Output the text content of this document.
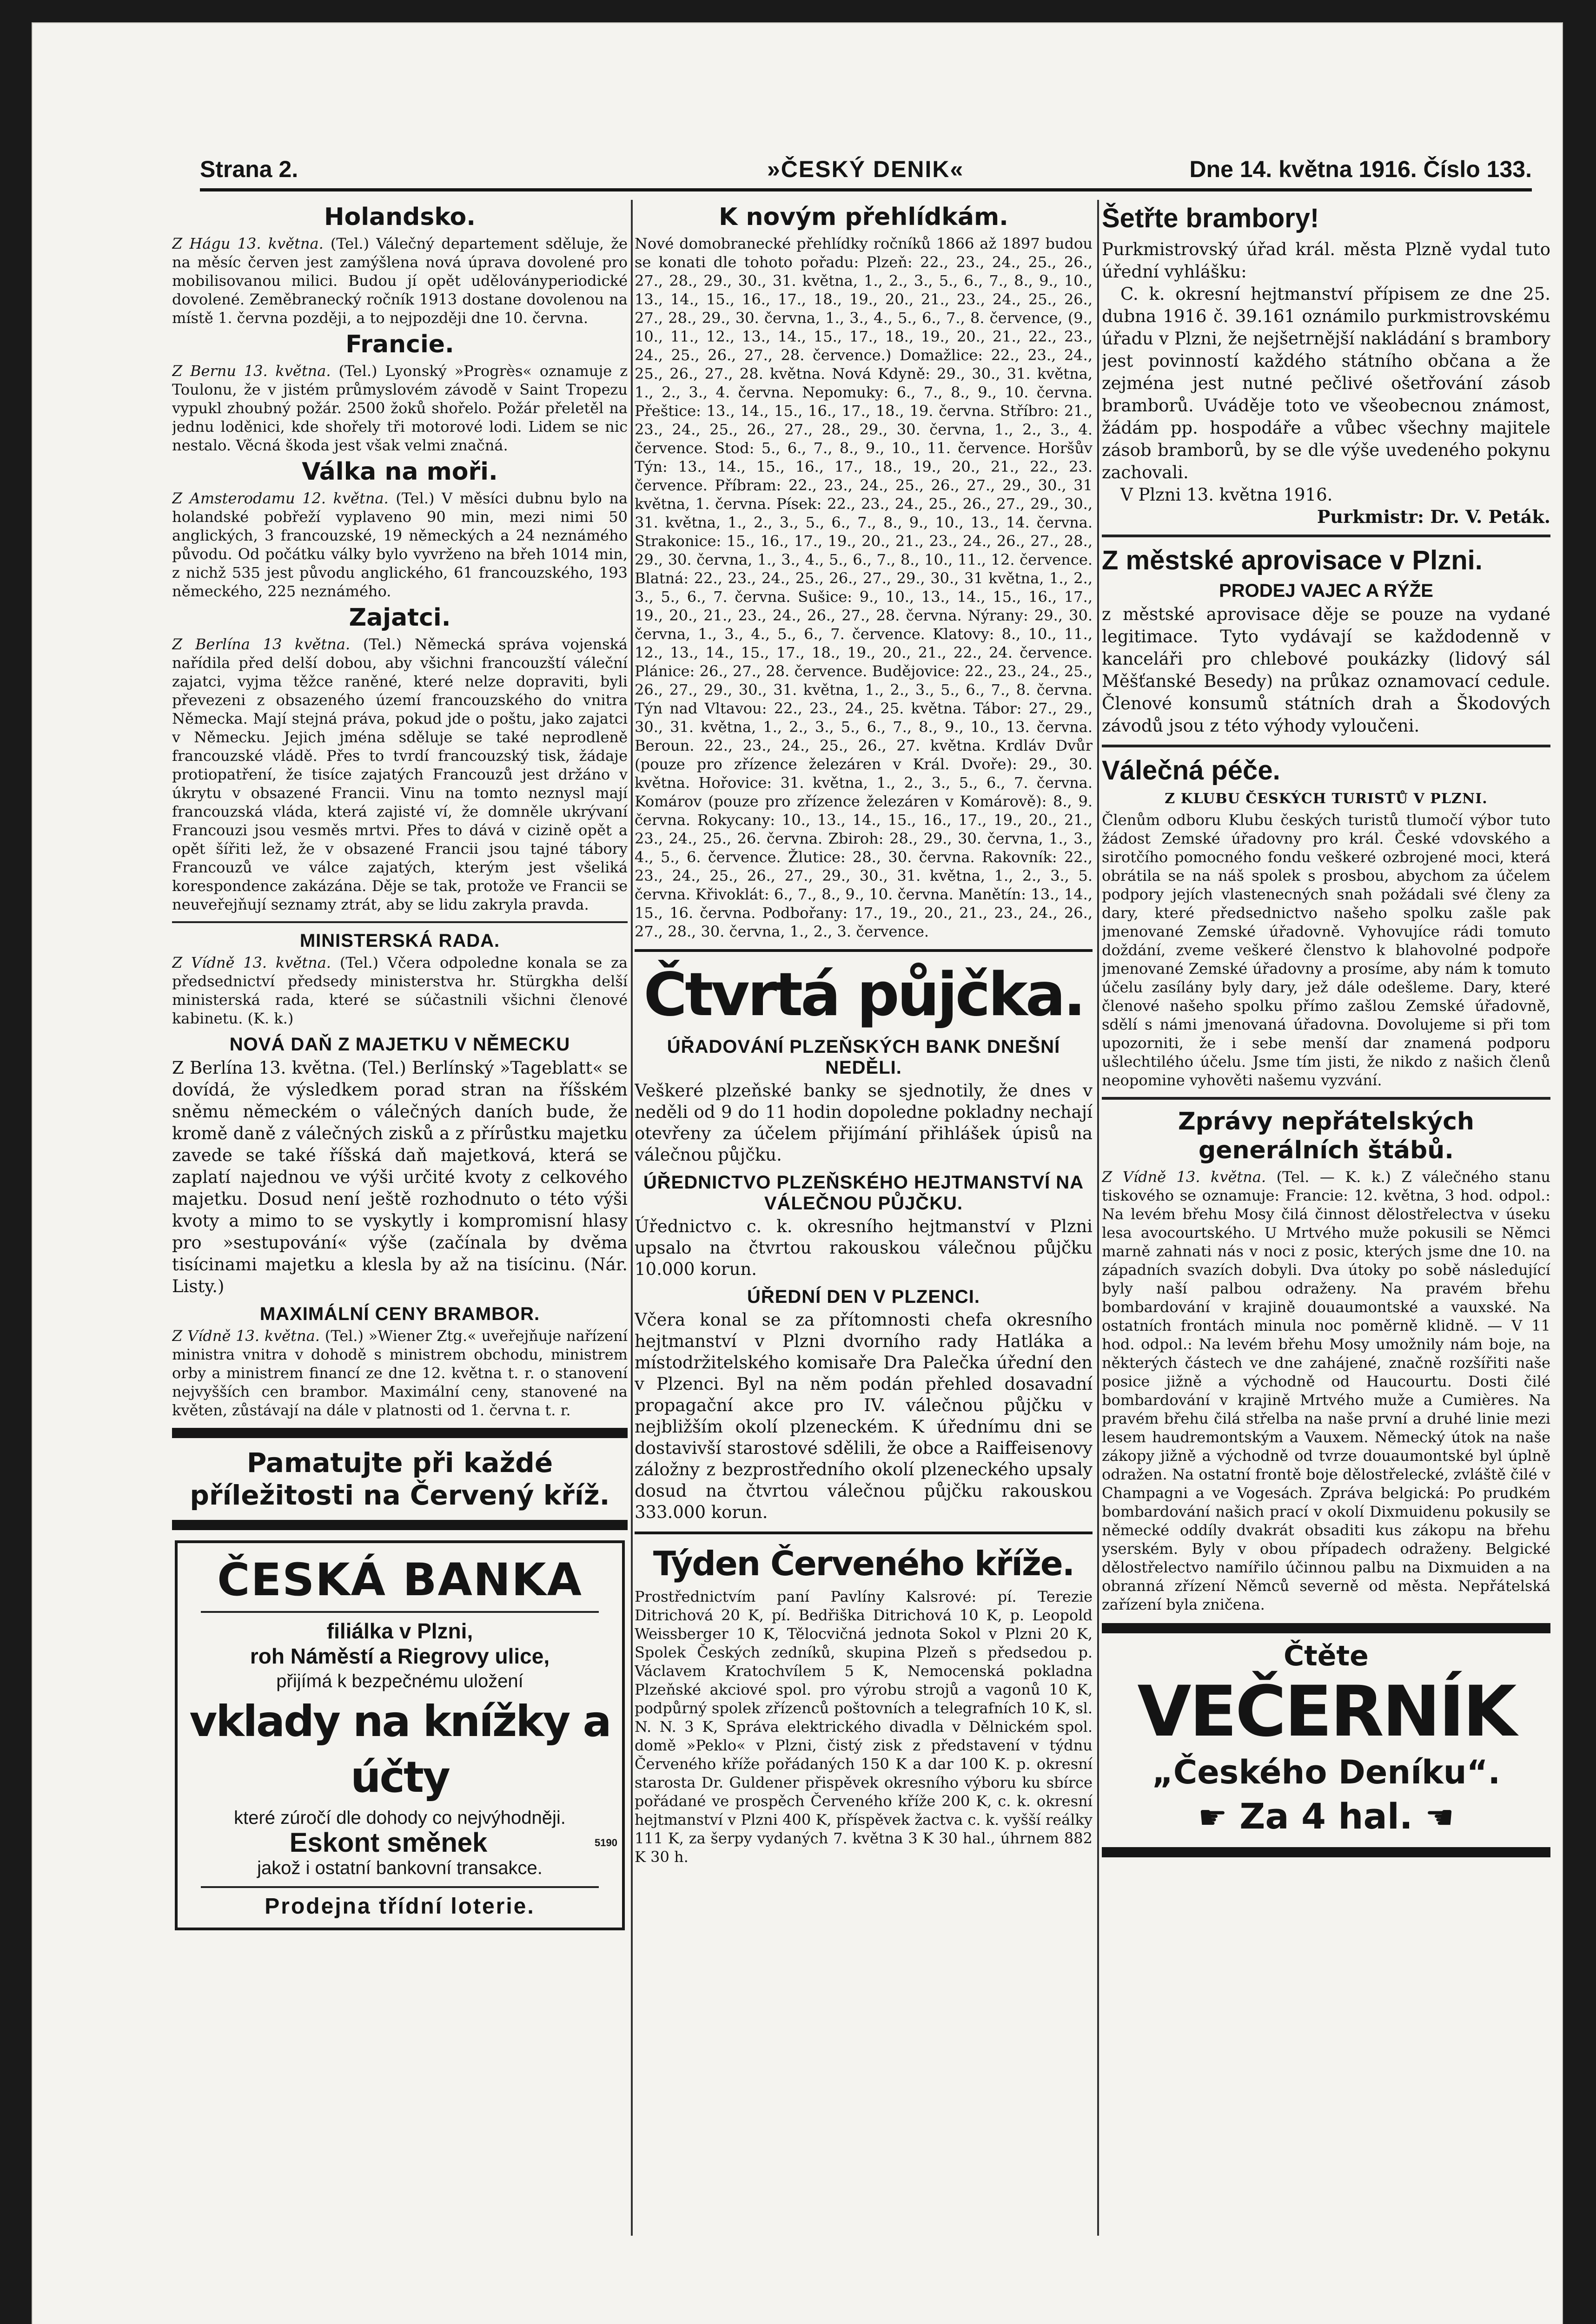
Strana 2.	»ČESKÝ DENIK«	Dne 14. května 1916. Číslo 133.
Holandsko.

Z Hágu 13. května. (Tel.) Válečný departement sděluje, že na měsíc červen jest zamýšlena nová úprava dovolené pro mobilisovanou milici. Budou jí opět uděloványperiodické dovolené. Zeměbranecký ročník 1913 dostane dovolenou na místě 1. června později, a to nejpozději dne 10. června.

Francie.

Z Bernu 13. května. (Tel.) Lyonský »Progrès« oznamuje z Toulonu, že v jistém průmyslovém závodě v Saint Tropezu vypukl zhoubný požár. 2500 žoků shořelo. Požár přeletěl na jednu loděnici, kde shořely tři motorové lodi. Lidem se nic nestalo. Věcná škoda jest však velmi značná.

Válka na moři.

Z Amsterodamu 12. května. (Tel.) V měsíci dubnu bylo na holandské pobřeží vyplaveno 90 min, mezi nimi 50 anglických, 3 francouzské, 19 německých a 24 neznámého původu. Od počátku války bylo vyvrženo na břeh 1014 min, z nichž 535 jest původu anglického, 61 francouzského, 193 německého, 225 neznámého.

Zajatci.

Z Berlína 13 května. (Tel.) Německá správa vojenská nařídila před delší dobou, aby všichni francouzští váleční zajatci, vyjma těžce raněné, které nelze dopraviti, byli převezeni z obsazeného území francouzského do vnitra Německa. Mají stejná práva, pokud jde o poštu, jako zajatci v Německu. Jejich jména sděluje se také neprodleně francouzské vládě. Přes to tvrdí francouzský tisk, žádaje protiopatření, že tisíce zajatých Francouzů jest držáno v úkrytu v obsazené Francii. Vinu na tomto neznysl mají francouzská vláda, která zajisté ví, že domněle ukrývaní Francouzi jsou vesměs mrtvi. Přes to dává v cizině opět a opět šířiti lež, že v obsazené Francii jsou tajné tábory Francouzů ve válce zajatých, kterým jest všeliká korespondence zakázána. Děje se tak, protože ve Francii se neuveřejňují seznamy ztrát, aby se lidu zakryla pravda.

MINISTERSKÁ RADA.

Z Vídně 13. května. (Tel.) Včera odpoledne konala se za předsednictví předsedy ministerstva hr. Stürgkha delší ministerská rada, které se súčastnili všichni členové kabinetu. (K. k.)

NOVÁ DAŇ Z MAJETKU V NĚMECKU

Z Berlína 13. května. (Tel.) Berlínský »Tageblatt« se dovídá, že výsledkem porad stran na říšském sněmu německém o válečných daních bude, že kromě daně z válečných zisků a z přírůstku majetku zavede se také říšská daň majetková, která se zaplatí najednou ve výši určité kvoty z celkového majetku. Dosud není ještě rozhodnuto o této výši kvoty a mimo to se vyskytly i kompromisní hlasy pro »sestupování« výše (začínala by dvěma tisícinami majetku a klesla by až na tisícinu. (Nár. Listy.)

MAXIMÁLNÍ CENY BRAMBOR.

Z Vídně 13. května. (Tel.) »Wiener Ztg.« uveřejňuje nařízení ministra vnitra v dohodě s ministrem obchodu, ministrem orby a ministrem financí ze dne 12. května t. r. o stanovení nejvyšších cen brambor. Maximální ceny, stanovené na květen, zůstávají na dále v platnosti od 1. června t. r.

Pamatujte při každé příležitosti na Červený kříž.
ČESKÁ BANKA
filiálka v Plzni,
roh Náměstí a Riegrovy ulice,
přijímá k bezpečnému uložení
vklady na knížky a účty
které zúročí dle dohody co nejvýhodněji.
Eskont směnek	5190
jakož i ostatní bankovní transakce.
Prodejna třídní loterie.
K novým přehlídkám.

Nové domobranecké přehlídky ročníků 1866 až 1897 budou se konati dle tohoto pořadu: Plzeň: 22., 23., 24., 25., 26., 27., 28., 29., 30., 31. května, 1., 2., 3., 5., 6., 7., 8., 9., 10., 13., 14., 15., 16., 17., 18., 19., 20., 21., 23., 24., 25., 26., 27., 28., 29., 30. června, 1., 3., 4., 5., 6., 7., 8. července, (9., 10., 11., 12., 13., 14., 15., 17., 18., 19., 20., 21., 22., 23., 24., 25., 26., 27., 28. července.) Domažlice: 22., 23., 24., 25., 26., 27., 28. května. Nová Kdyně: 29., 30., 31. května, 1., 2., 3., 4. června. Nepomuky: 6., 7., 8., 9., 10. června. Přeštice: 13., 14., 15., 16., 17., 18., 19. června. Stříbro: 21., 23., 24., 25., 26., 27., 28., 29., 30. června, 1., 2., 3., 4. července. Stod: 5., 6., 7., 8., 9., 10., 11. července. Horšův Týn: 13., 14., 15., 16., 17., 18., 19., 20., 21., 22., 23. července. Příbram: 22., 23., 24., 25., 26., 27., 29., 30., 31 května, 1. června. Písek: 22., 23., 24., 25., 26., 27., 29., 30., 31. května, 1., 2., 3., 5., 6., 7., 8., 9., 10., 13., 14. června. Strakonice: 15., 16., 17., 19., 20., 21., 23., 24., 26., 27., 28., 29., 30. června, 1., 3., 4., 5., 6., 7., 8., 10., 11., 12. července. Blatná: 22., 23., 24., 25., 26., 27., 29., 30., 31 května, 1., 2., 3., 5., 6., 7. června. Sušice: 9., 10., 13., 14., 15., 16., 17., 19., 20., 21., 23., 24., 26., 27., 28. června. Nýrany: 29., 30. června, 1., 3., 4., 5., 6., 7. července. Klatovy: 8., 10., 11., 12., 13., 14., 15., 17., 18., 19., 20., 21., 22., 24. července. Plánice: 26., 27., 28. července. Budějovice: 22., 23., 24., 25., 26., 27., 29., 30., 31. května, 1., 2., 3., 5., 6., 7., 8. června. Týn nad Vltavou: 22., 23., 24., 25. května. Tábor: 27., 29., 30., 31. května, 1., 2., 3., 5., 6., 7., 8., 9., 10., 13. června. Beroun. 22., 23., 24., 25., 26., 27. května. Krdláv Dvůr (pouze pro zřízence železáren v Král. Dvoře): 29., 30. května. Hořovice: 31. května, 1., 2., 3., 5., 6., 7. června. Komárov (pouze pro zřízence železáren v Komárově): 8., 9. června. Rokycany: 10., 13., 14., 15., 16., 17., 19., 20., 21., 23., 24., 25., 26. června. Zbiroh: 28., 29., 30. června, 1., 3., 4., 5., 6. července. Žlutice: 28., 30. června. Rakovník: 22., 23., 24., 25., 26., 27., 29., 30., 31. května, 1., 2., 3., 5. června. Křivoklát: 6., 7., 8., 9., 10. června. Manětín: 13., 14., 15., 16. června. Podbořany: 17., 19., 20., 21., 23., 24., 26., 27., 28., 30. června, 1., 2., 3. července.

Čtvrtá půjčka.
ÚŘADOVÁNÍ PLZEŇSKÝCH BANK DNEŠNÍ NEDĚLI.

Veškeré plzeňské banky se sjednotily, že dnes v neděli od 9 do 11 hodin dopoledne pokladny nechají otevřeny za účelem přijímání přihlášek úpisů na válečnou půjčku.

ÚŘEDNICTVO PLZEŇSKÉHO HEJTMANSTVÍ NA VÁLEČNOU PŮJČKU.

Úřednictvo c. k. okresního hejtmanství v Plzni upsalo na čtvrtou rakouskou válečnou půjčku 10.000 korun.

ÚŘEDNÍ DEN V PLZENCI.

Včera konal se za přítomnosti chefa okresního hejtmanství v Plzni dvorního rady Hatláka a místodržitelského komisaře Dra Palečka úřední den v Plzenci. Byl na něm podán přehled dosavadní propagační akce pro IV. válečnou půjčku v nejbližším okolí plzeneckém. K úřednímu dni se dostavivší starostové sdělili, že obce a Raiffeisenovy záložny z bezprostředního okolí plzeneckého upsaly dosud na čtvrtou válečnou půjčku rakouskou 333.000 korun.

Týden Červeného kříže.

Prostřednictvím paní Pavlíny Kalsrové: pí. Terezie Ditrichová 20 K, pí. Bedřiška Ditrichová 10 K, p. Leopold Weissberger 10 K, Tělocvičná jednota Sokol v Plzni 20 K, Spolek Českých zedníků, skupina Plzeň s předsedou p. Václavem Kratochvílem 5 K, Nemocenská pokladna Plzeňské akciové spol. pro výrobu strojů a vagonů 10 K, podpůrný spolek zřízenců poštovních a telegrafních 10 K, sl. N. N. 3 K, Správa elektrického divadla v Dělnickém spol. domě »Peklo« v Plzni, čistý zisk z představení v týdnu Červeného kříže pořádaných 150 K a dar 100 K. p. okresní starosta Dr. Guldener přispěvek okresního výboru ku sbírce pořádané ve prospěch Červeného kříže 200 K, c. k. okresní hejtmanství v Plzni 400 K, příspěvek žactva c. k. vyšší reálky 111 K, za šerpy vydaných 7. května 3 K 30 hal., úhrnem 882 K 30 h.

Šetřte brambory!

Purkmistrovský úřad král. města Plzně vydal tuto úřední vyhlášku:

C. k. okresní hejtmanství přípisem ze dne 25. dubna 1916 č. 39.161 oznámilo purkmistrovskému úřadu v Plzni, že nejšetrnější nakládání s brambory jest povinností každého státního občana a že zejména jest nutné pečlivé ošetřování zásob bramborů. Uváděje toto ve všeobecnou známost, žádám pp. hospodáře a vůbec všechny majitele zásob bramborů, by se dle výše uvedeného pokynu zachovali.

V Plzni 13. května 1916.

Purkmistr: Dr. V. Peták.
Z městské aprovisace v Plzni.
PRODEJ VAJEC A RÝŽE

z městské aprovisace děje se pouze na vydané legitimace. Tyto vydávají se každodenně v kanceláři pro chlebové poukázky (lidový sál Měšťanské Besedy) na průkaz oznamovací cedule. Členové konsumů státních drah a Škodových závodů jsou z této výhody vyloučeni.

Válečná péče.
Z KLUBU ČESKÝCH TURISTŮ V PLZNI.

Členům odboru Klubu českých turistů tlumočí výbor tuto žádost Zemské úřadovny pro král. České vdovského a sirotčího pomocného fondu veškeré ozbrojené moci, která obrátila se na náš spolek s prosbou, abychom za účelem podpory jejích vlastenecných snah požádali své členy za dary, které předsednictvo našeho spolku zašle pak jmenované Zemské úřadovně. Vyhovujíce rádi tomuto doždání, zveme veškeré členstvo k blahovolné podpoře jmenované Zemské úřadovny a prosíme, aby nám k tomuto účelu zasílány byly dary, jež dále odešleme. Dary, které členové našeho spolku přímo zašlou Zemské úřadovně, sdělí s námi jmenovaná úřadovna. Dovolujeme si při tom upozorniti, že i sebe menší dar znamená podporu ušlechtilého účelu. Jsme tím jisti, že nikdo z našich členů neopomine vyhověti našemu vyzvání.

Zprávy nepřátelských generálních štábů.

Z Vídně 13. května. (Tel. — K. k.) Z válečného stanu tiskového se oznamuje: Francie: 12. května, 3 hod. odpol.: Na levém břehu Mosy čilá činnost dělostřelectva v úseku lesa avocourtského. U Mrtvého muže pokusili se Němci marně zahnati nás v noci z posic, kterých jsme dne 10. na západních svazích dobyli. Dva útoky po sobě následující byly naší palbou odraženy. Na pravém břehu bombardování v krajině douaumontské a vauxské. Na ostatních frontách minula noc poměrně klidně. — V 11 hod. odpol.: Na levém břehu Mosy umožnily nám boje, na některých částech ve dne zahájené, značně rozšířiti naše posice jižně a východně od Haucourtu. Dosti čilé bombardování v krajině Mrtvého muže a Cumières. Na pravém břehu čilá střelba na naše první a druhé linie mezi lesem haudremontským a Vauxem. Německý útok na naše zákopy jižně a východně od tvrze douaumontské byl úplně odražen. Na ostatní frontě boje dělostřelecké, zvláště čilé v Champagni a ve Vogesách. Zpráva belgická: Po prudkém bombardování našich prací v okolí Dixmuidenu pokusily se německé oddíly dvakrát obsaditi kus zákopu na břehu yserském. Byly v obou případech odraženy. Belgické dělostřelectvo namířilo účinnou palbu na Dixmuiden a na obranná zřízení Němců severně od města. Nepřátelská zařízení byla zničena.

Čtěte
VEČERNÍK
„Českého Deníku“.
☛ Za 4 hal. ☚
